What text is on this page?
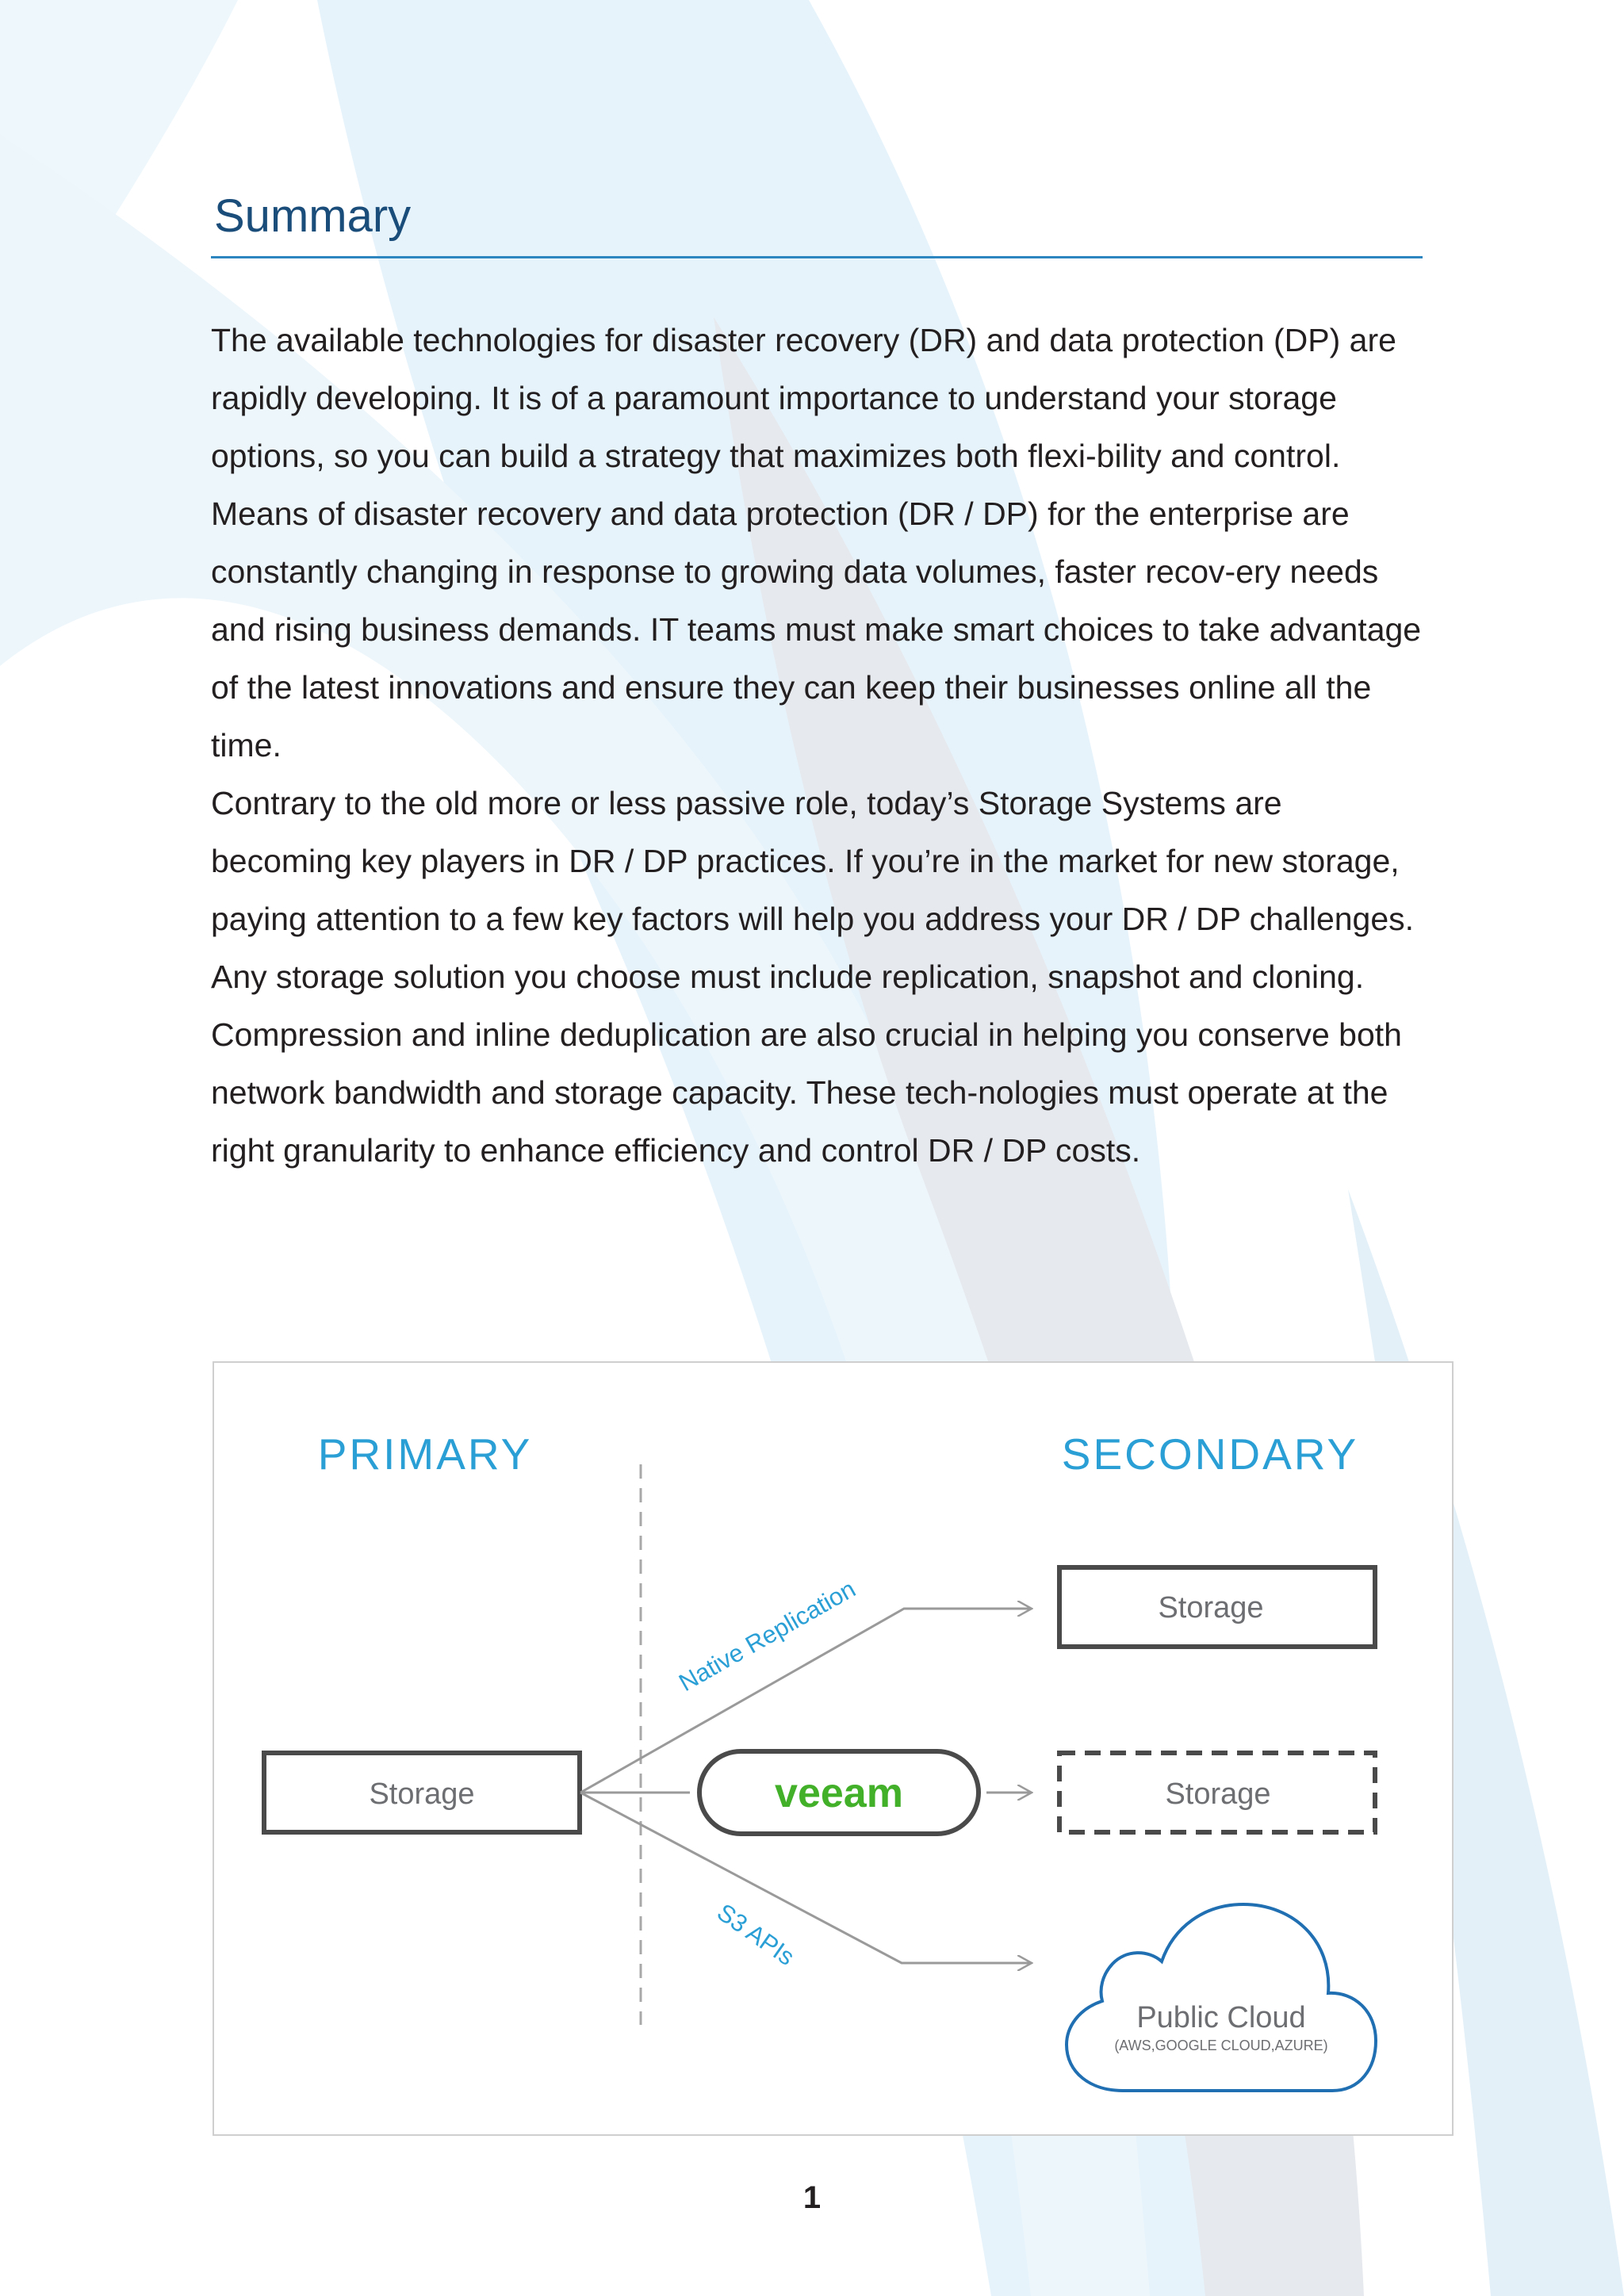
Summary

The available technologies for disaster recovery (DR) and data protection (DP) are rapidly developing. It is of a paramount importance to understand your storage options, so you can build a strategy that maximizes both flexi-bility and control.

Means of disaster recovery and data protection (DR / DP) for the enterprise are constantly changing in response to growing data volumes, faster recov-ery needs and rising business demands. IT teams must make smart choices to take advantage of the latest innovations and ensure they can keep their businesses online all the time.

Contrary to the old more or less passive role, today’s Storage Systems are becoming key players in DR / DP practices. If you’re in the market for new storage, paying attention to a few key factors will help you address your DR / DP challenges.

Any storage solution you choose must include replication, snapshot and cloning. Compression and inline deduplication are also crucial in helping you conserve both network bandwidth and storage capacity. These tech-nologies must operate at the right granularity to enhance efficiency and control DR / DP costs.

PRIMARY	SECONDARY
Storage
Native Replication
veeam
S3 APIs
Storage
Storage
Public Cloud
(AWS,GOOGLE CLOUD,AZURE)
1
